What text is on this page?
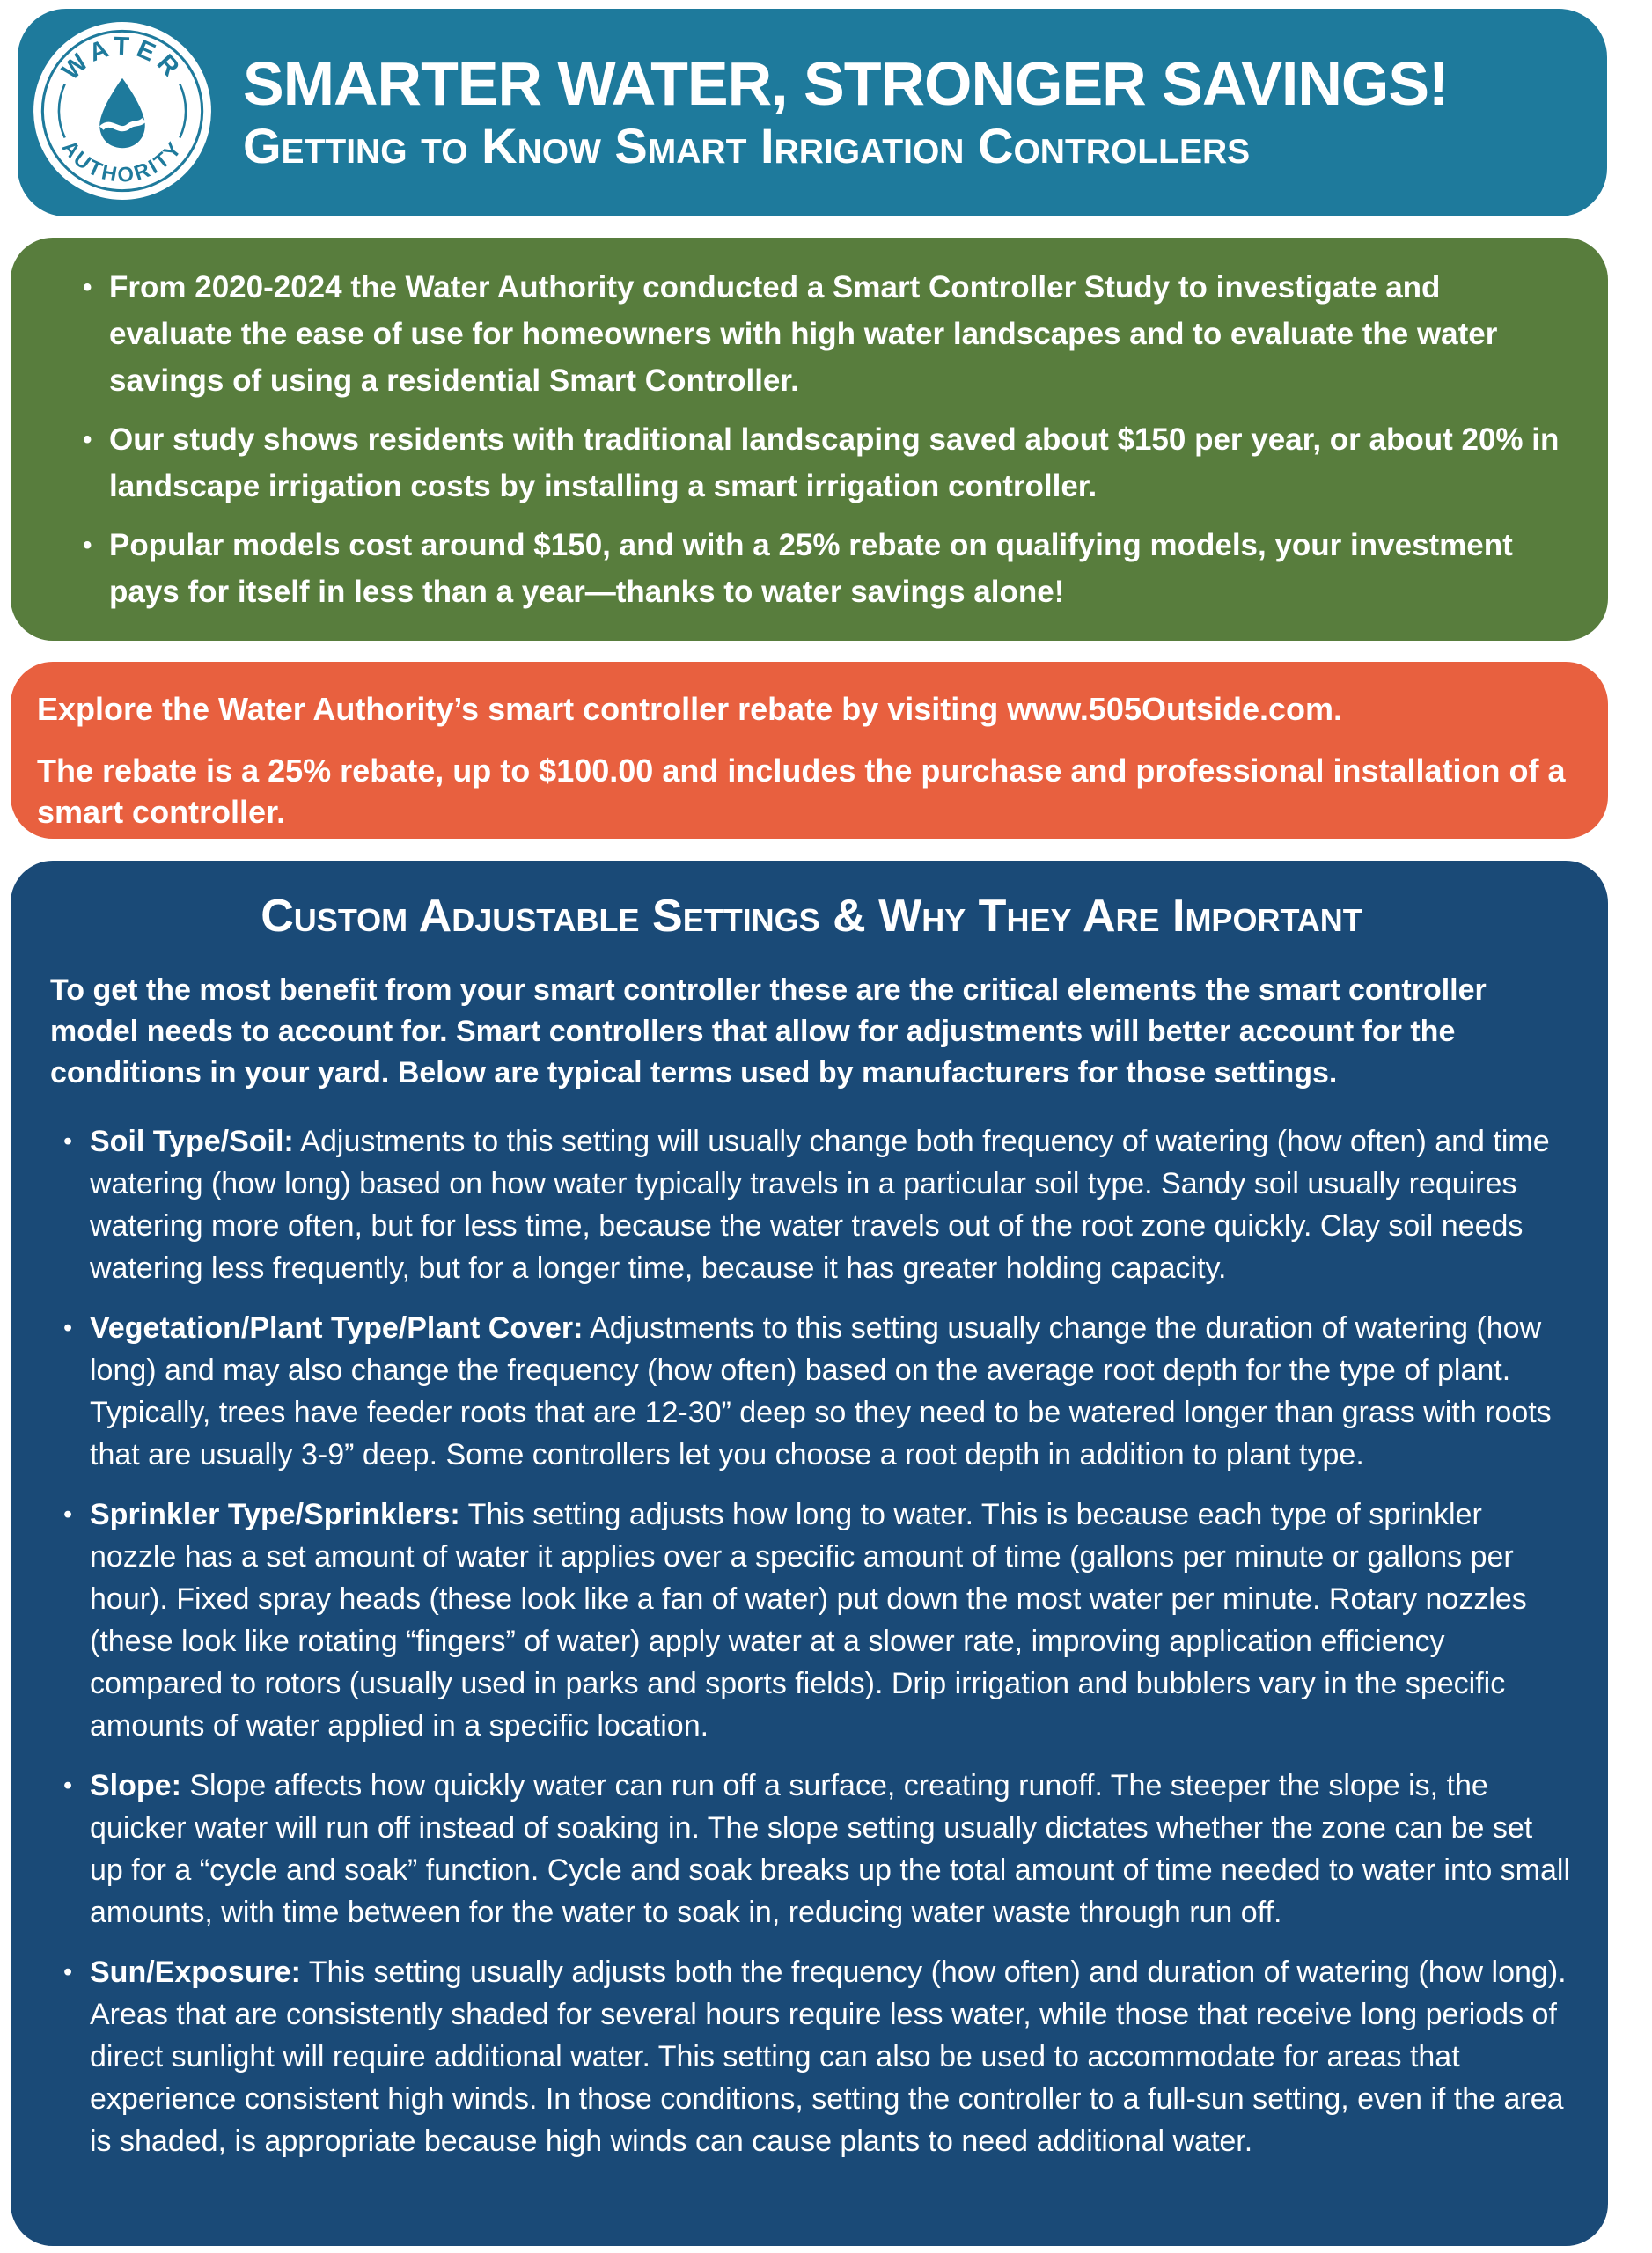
WATER
AUTHORITY
SMARTER WATER, STRONGER SAVINGS!
Getting to Know Smart Irrigation Controllers
• From 2020-2024 the Water Authority conducted a Smart Controller Study to investigate and evaluate the ease of use for homeowners with high water landscapes and to evaluate the water savings of using a residential Smart Controller.
• Our study shows residents with traditional landscaping saved about $150 per year, or about 20% in landscape irrigation costs by installing a smart irrigation controller.
• Popular models cost around $150, and with a 25% rebate on qualifying models, your investment pays for itself in less than a year—thanks to water savings alone!

Explore the Water Authority’s smart controller rebate by visiting www.505Outside.com.

The rebate is a 25% rebate, up to $100.00 and includes the purchase and professional installation of a smart controller.

Custom Adjustable Settings & Why They Are Important

To get the most benefit from your smart controller these are the critical elements the smart controller model needs to account for. Smart controllers that allow for adjustments will better account for the conditions in your yard. Below are typical terms used by manufacturers for those settings.

• Soil Type/Soil: Adjustments to this setting will usually change both frequency of watering (how often) and time watering (how long) based on how water typically travels in a particular soil type. Sandy soil usually requires watering more often, but for less time, because the water travels out of the root zone quickly. Clay soil needs watering less frequently, but for a longer time, because it has greater holding capacity.
• Vegetation/Plant Type/Plant Cover: Adjustments to this setting usually change the duration of watering (how long) and may also change the frequency (how often) based on the average root depth for the type of plant. Typically, trees have feeder roots that are 12-30” deep so they need to be watered longer than grass with roots that are usually 3-9” deep. Some controllers let you choose a root depth in addition to plant type.
• Sprinkler Type/Sprinklers: This setting adjusts how long to water. This is because each type of sprinkler nozzle has a set amount of water it applies over a specific amount of time (gallons per minute or gallons per hour). Fixed spray heads (these look like a fan of water) put down the most water per minute. Rotary nozzles (these look like rotating “fingers” of water) apply water at a slower rate, improving application efficiency compared to rotors (usually used in parks and sports fields). Drip irrigation and bubblers vary in the specific amounts of water applied in a specific location.
• Slope: Slope affects how quickly water can run off a surface, creating runoff. The steeper the slope is, the quicker water will run off instead of soaking in. The slope setting usually dictates whether the zone can be set up for a “cycle and soak” function. Cycle and soak breaks up the total amount of time needed to water into small amounts, with time between for the water to soak in, reducing water waste through run off.
• Sun/Exposure: This setting usually adjusts both the frequency (how often) and duration of watering (how long). Areas that are consistently shaded for several hours require less water, while those that receive long periods of direct sunlight will require additional water. This setting can also be used to accommodate for areas that experience consistent high winds. In those conditions, setting the controller to a full-sun setting, even if the area is shaded, is appropriate because high winds can cause plants to need additional water.
